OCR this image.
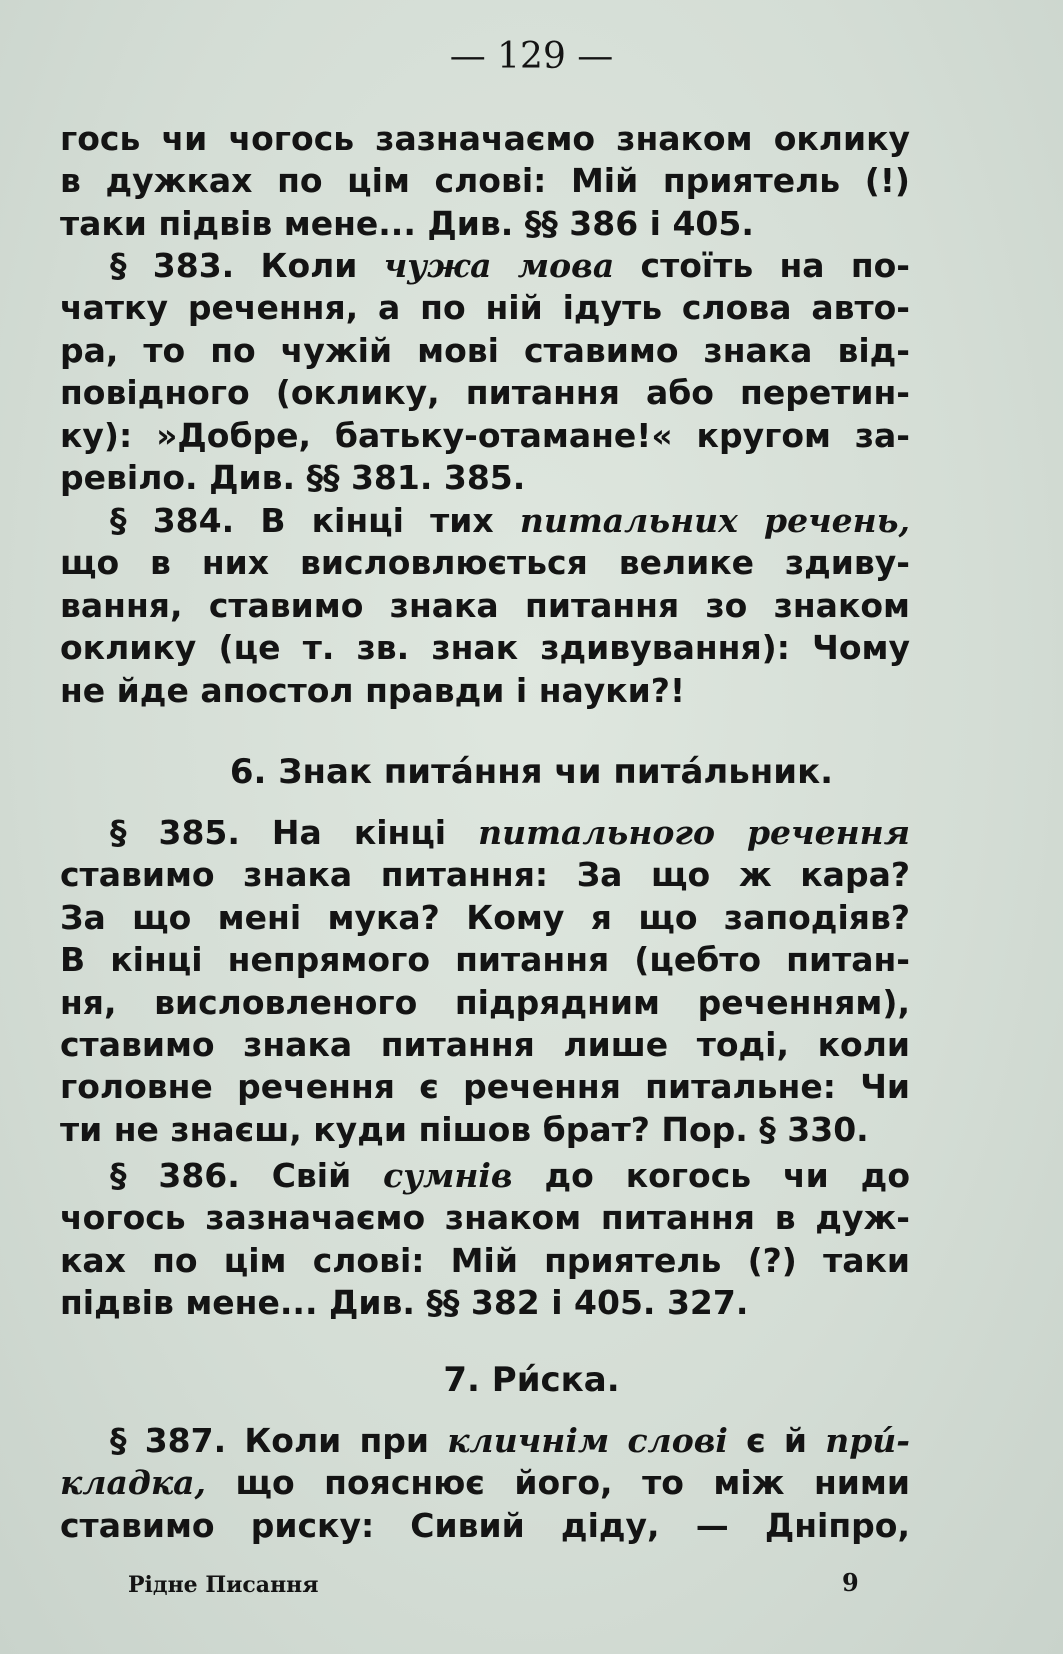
— 129 —
гось чи чогось зазначаємо знаком оклику
в дужках по цім слові: Мій приятель (!)
таки підвів мене... Див. §§ 386 і 405.
§ 383. Коли чужа мова стоїть на по-
чатку речення, а по ній ідуть слова авто-
ра, то по чужій мові ставимо знака від-
повідного (оклику, питання або перетин-
ку): »Добре, батьку-отамане!« кругом за-
ревіло. Див. §§ 381. 385.
§ 384. В кінці тих питальних речень,
що в них висловлюється велике здиву-
вання, ставимо знака питання зо знаком
оклику (це т. зв. знак здивування): Чому
не йде апостол правди і науки?!
6. Знак пита́ння чи пита́льник.
§ 385. На кінці питального речення
ставимо знака питання: За що ж кара?
За що мені мука? Кому я що заподіяв?
В кінці непрямого питання (цебто питан-
ня, висловленого підрядним реченням),
ставимо знака питання лише тоді, коли
головне речення є речення питальне: Чи
ти не знаєш, куди пішов брат? Пор. § 330.
§ 386. Свій сумнів до когось чи до
чогось зазначаємо знаком питання в дуж-
ках по цім слові: Мій приятель (?) таки
підвів мене... Див. §§ 382 і 405. 327.
7. Ри́ска.
§ 387. Коли при кличнім слові є й при́-
кладка, що пояснює його, то між ними
ставимо риску: Сивий діду, — Дніпро,
Рідне Писання	9
